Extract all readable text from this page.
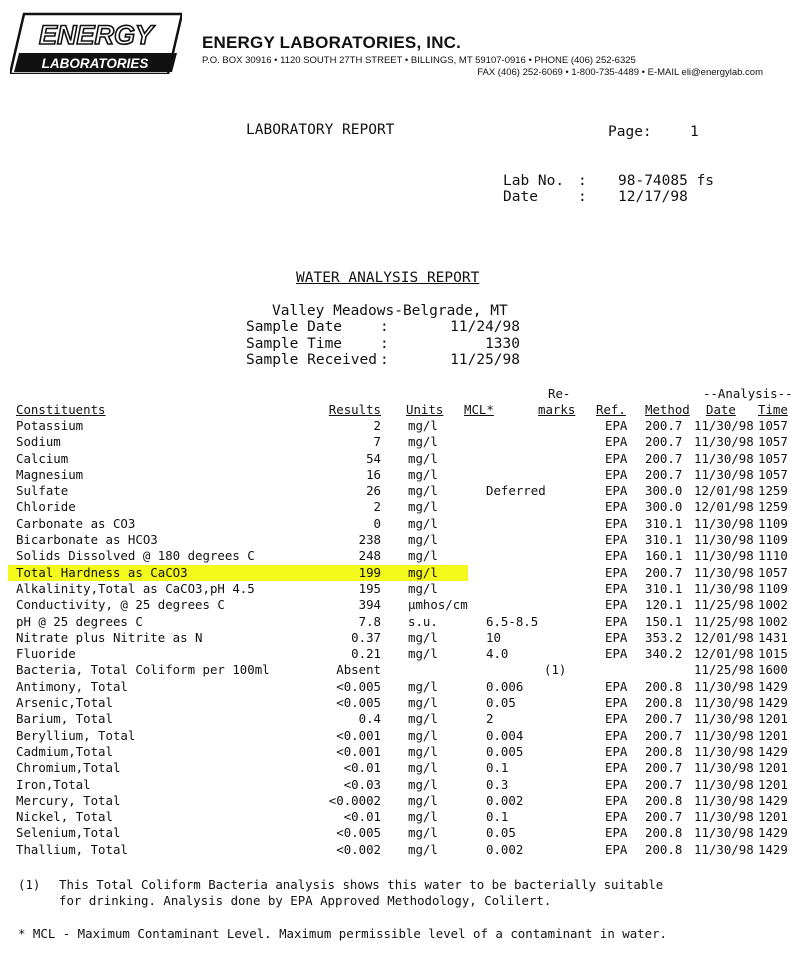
ENERGY
LABORATORIES
ENERGY LABORATORIES, INC.
P.O. BOX 30916 • 1120 SOUTH 27TH STREET • BILLINGS, MT 59107-0916 • PHONE (406) 252-6325
FAX (406) 252-6069 • 1-800-735-4489 • E-MAIL eli@energylab.com
LABORATORY REPORT	Page:	1
Lab No. : 98-74085 fs
Date	: 12/17/98
WATER ANALYSIS REPORT
Valley Meadows-Belgrade, MT
Sample Date	:	11/24/98
Sample Time	:	1330
Sample Received :	11/25/98
Re-	--Analysis--
Constituents	Results Units MCL*	marks Ref. Method Date Time
Potassium	2 mg/l	EPA 200.7 11/30/98 1057
Sodium	7 mg/l	EPA 200.7 11/30/98 1057
Calcium	54 mg/l	EPA 200.7 11/30/98 1057
Magnesium	16 mg/l	EPA 200.7 11/30/98 1057
Sulfate	26 mg/l	Deferred	EPA 300.0 12/01/98 1259
Chloride	2 mg/l	EPA 300.0 12/01/98 1259
Carbonate as CO3	0 mg/l	EPA 310.1 11/30/98 1109
Bicarbonate as HCO3	238 mg/l	EPA 310.1 11/30/98 1109
Solids Dissolved @ 180 degrees C	248 mg/l	EPA 160.1 11/30/98 1110
Total Hardness as CaCO3	199 mg/l	EPA 200.7 11/30/98 1057
Alkalinity,Total as CaCO3,pH 4.5	195 mg/l	EPA 310.1 11/30/98 1109
Conductivity, @ 25 degrees C	394 µmhos/cm	EPA 120.1 11/25/98 1002
pH @ 25 degrees C	7.8 s.u.	6.5-8.5	EPA 150.1 11/25/98 1002
Nitrate plus Nitrite as N	0.37 mg/l	10	EPA 353.2 12/01/98 1431
Fluoride	0.21 mg/l	4.0	EPA 340.2 12/01/98 1015
Bacteria, Total Coliform per 100ml	Absent	(1)	11/25/98 1600
Antimony, Total	<0.005 mg/l	0.006	EPA 200.8 11/30/98 1429
Arsenic,Total	<0.005 mg/l	0.05	EPA 200.8 11/30/98 1429
Barium, Total	0.4 mg/l	2	EPA 200.7 11/30/98 1201
Beryllium, Total	<0.001 mg/l	0.004	EPA 200.7 11/30/98 1201
Cadmium,Total	<0.001 mg/l	0.005	EPA 200.8 11/30/98 1429
Chromium,Total	<0.01 mg/l	0.1	EPA 200.7 11/30/98 1201
Iron,Total	<0.03 mg/l	0.3	EPA 200.7 11/30/98 1201
Mercury, Total	<0.0002 mg/l	0.002	EPA 200.8 11/30/98 1429
Nickel, Total	<0.01 mg/l	0.1	EPA 200.7 11/30/98 1201
Selenium,Total	<0.005 mg/l	0.05	EPA 200.8 11/30/98 1429
Thallium, Total	<0.002 mg/l	0.002	EPA 200.8 11/30/98 1429
(1) This Total Coliform Bacteria analysis shows this water to be bacterially suitable
for drinking. Analysis done by EPA Approved Methodology, Colilert.
* MCL - Maximum Contaminant Level. Maximum permissible level of a contaminant in water.
